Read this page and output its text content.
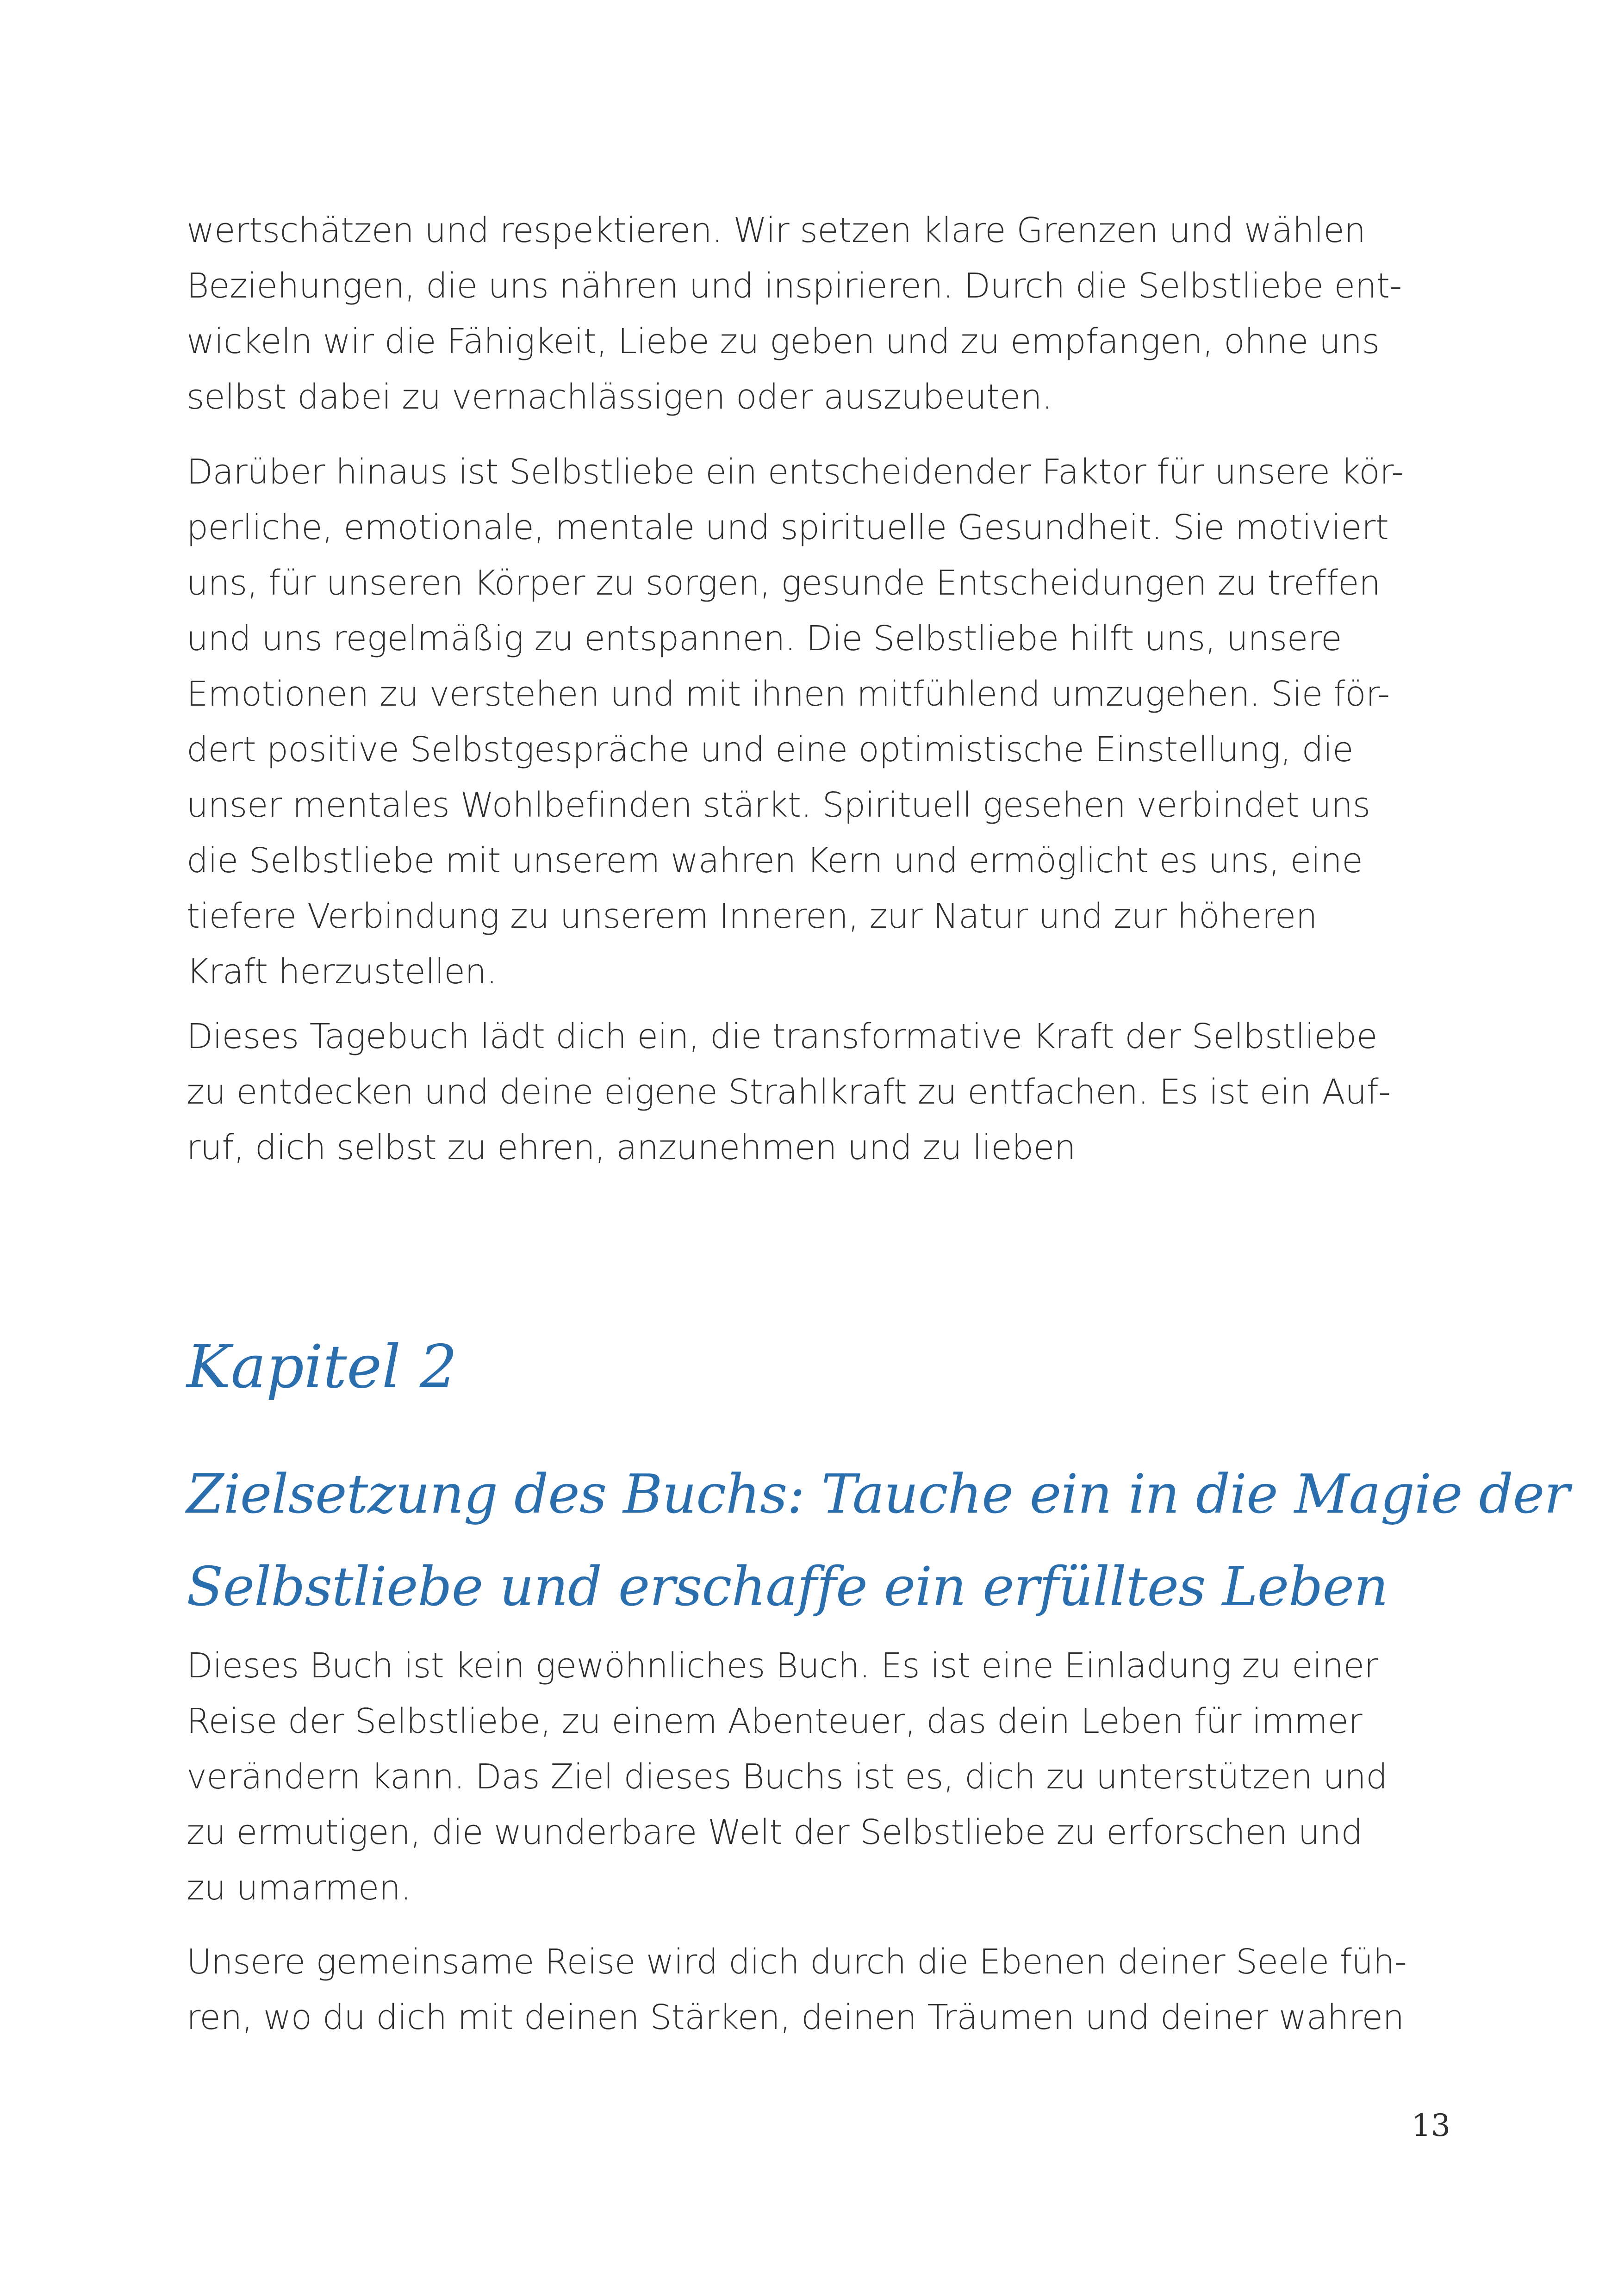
wertschätzen und respektieren. Wir setzen klare Grenzen und wählen
Beziehungen, die uns nähren und inspirieren. Durch die Selbstliebe ent-
wickeln wir die Fähigkeit, Liebe zu geben und zu empfangen, ohne uns
selbst dabei zu vernachlässigen oder auszubeuten.
Darüber hinaus ist Selbstliebe ein entscheidender Faktor für unsere kör-
perliche, emotionale, mentale und spirituelle Gesundheit. Sie motiviert
uns, für unseren Körper zu sorgen, gesunde Entscheidungen zu treffen
und uns regelmäßig zu entspannen. Die Selbstliebe hilft uns, unsere
Emotionen zu verstehen und mit ihnen mitfühlend umzugehen. Sie för-
dert positive Selbstgespräche und eine optimistische Einstellung, die
unser mentales Wohlbefinden stärkt. Spirituell gesehen verbindet uns
die Selbstliebe mit unserem wahren Kern und ermöglicht es uns, eine
tiefere Verbindung zu unserem Inneren, zur Natur und zur höheren
Kraft herzustellen.
Dieses Tagebuch lädt dich ein, die transformative Kraft der Selbstliebe
zu entdecken und deine eigene Strahlkraft zu entfachen. Es ist ein Auf-
ruf, dich selbst zu ehren, anzunehmen und zu lieben
Kapitel 2
Zielsetzung des Buchs: Tauche ein in die Magie der
Selbstliebe und erschaffe ein erfülltes Leben
Dieses Buch ist kein gewöhnliches Buch. Es ist eine Einladung zu einer
Reise der Selbstliebe, zu einem Abenteuer, das dein Leben für immer
verändern kann. Das Ziel dieses Buchs ist es, dich zu unterstützen und
zu ermutigen, die wunderbare Welt der Selbstliebe zu erforschen und
zu umarmen.
Unsere gemeinsame Reise wird dich durch die Ebenen deiner Seele füh-
ren, wo du dich mit deinen Stärken, deinen Träumen und deiner wahren
13
